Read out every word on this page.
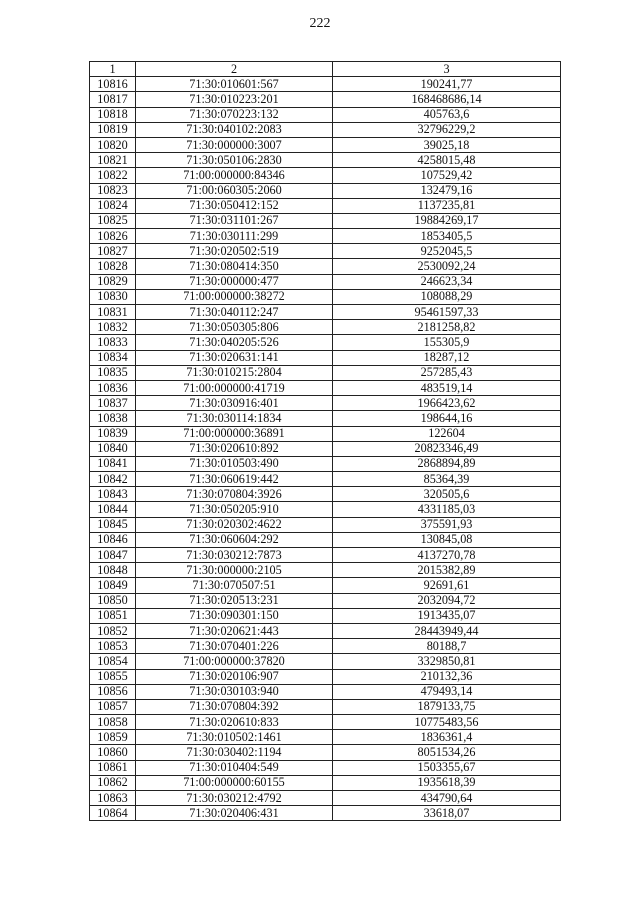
222
1	2	3
10816	71:30:010601:567	190241,77
10817	71:30:010223:201	168468686,14
10818	71:30:070223:132	405763,6
10819	71:30:040102:2083	32796229,2
10820	71:30:000000:3007	39025,18
10821	71:30:050106:2830	4258015,48
10822	71:00:000000:84346	107529,42
10823	71:00:060305:2060	132479,16
10824	71:30:050412:152	1137235,81
10825	71:30:031101:267	19884269,17
10826	71:30:030111:299	1853405,5
10827	71:30:020502:519	9252045,5
10828	71:30:080414:350	2530092,24
10829	71:30:000000:477	246623,34
10830	71:00:000000:38272	108088,29
10831	71:30:040112:247	95461597,33
10832	71:30:050305:806	2181258,82
10833	71:30:040205:526	155305,9
10834	71:30:020631:141	18287,12
10835	71:30:010215:2804	257285,43
10836	71:00:000000:41719	483519,14
10837	71:30:030916:401	1966423,62
10838	71:30:030114:1834	198644,16
10839	71:00:000000:36891	122604
10840	71:30:020610:892	20823346,49
10841	71:30:010503:490	2868894,89
10842	71:30:060619:442	85364,39
10843	71:30:070804:3926	320505,6
10844	71:30:050205:910	4331185,03
10845	71:30:020302:4622	375591,93
10846	71:30:060604:292	130845,08
10847	71:30:030212:7873	4137270,78
10848	71:30:000000:2105	2015382,89
10849	71:30:070507:51	92691,61
10850	71:30:020513:231	2032094,72
10851	71:30:090301:150	1913435,07
10852	71:30:020621:443	28443949,44
10853	71:30:070401:226	80188,7
10854	71:00:000000:37820	3329850,81
10855	71:30:020106:907	210132,36
10856	71:30:030103:940	479493,14
10857	71:30:070804:392	1879133,75
10858	71:30:020610:833	10775483,56
10859	71:30:010502:1461	1836361,4
10860	71:30:030402:1194	8051534,26
10861	71:30:010404:549	1503355,67
10862	71:00:000000:60155	1935618,39
10863	71:30:030212:4792	434790,64
10864	71:30:020406:431	33618,07
